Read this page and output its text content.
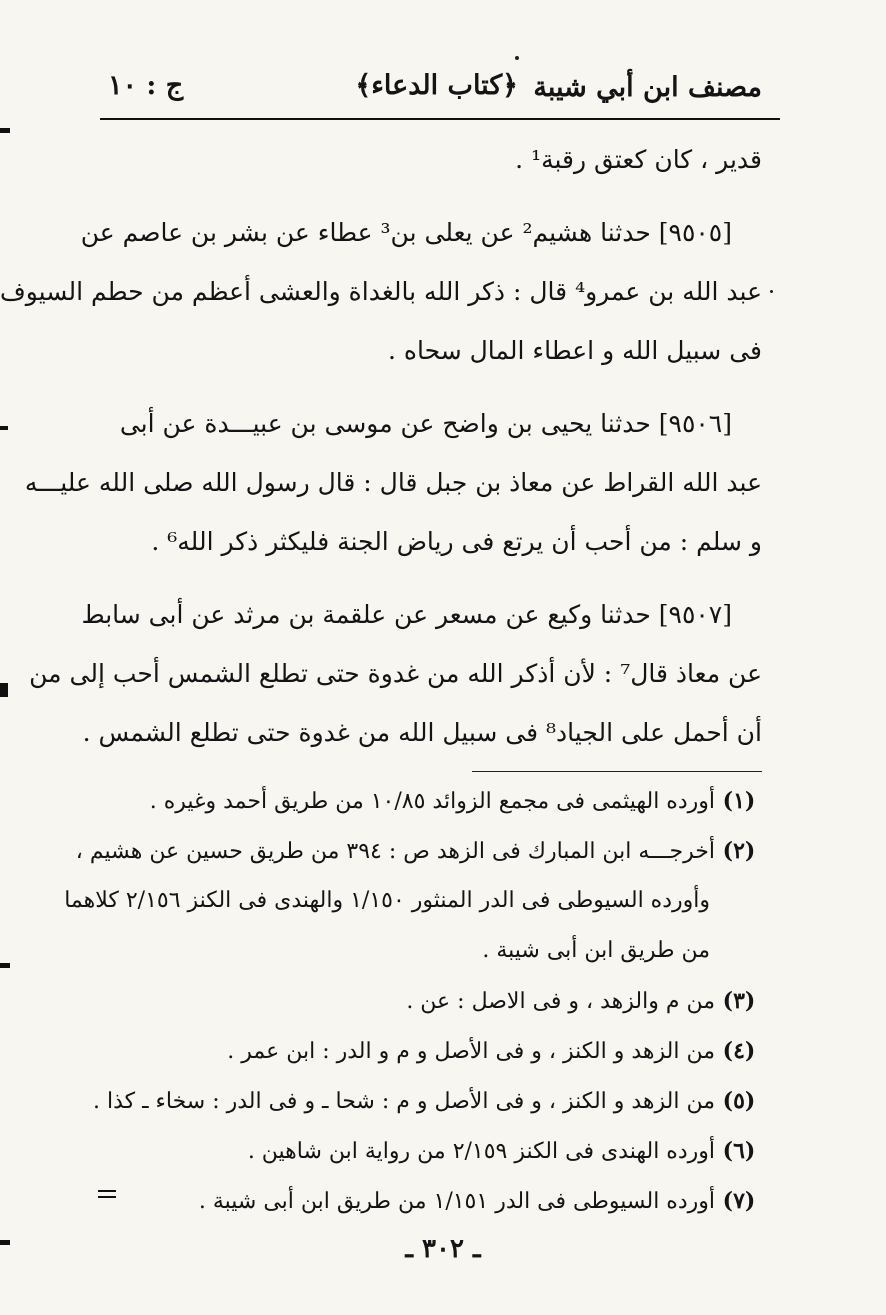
مصنف ابن أبي شيبة
﴿كتاب الدعاء﴾
ج : ١٠
قدير ، كان كعتق رقبة¹ .
[٩٥٠٥] حدثنا هشيم² عن يعلى بن³ عطاء عن بشر بن عاصم عن
عبد الله بن عمرو⁴ قال : ذكر الله بالغداة والعشى أعظم من حطم السيوف
فى سبيل الله و اعطاء المال سحاه .
[٩٥٠٦] حدثنا يحيى بن واضح عن موسى بن عبيـــدة عن أبى
عبد الله القراط عن معاذ بن جبل قال : قال رسول الله صلى الله عليـــه
و سلم : من أحب أن يرتع فى رياض الجنة فليكثر ذكر الله⁶ .
[٩٥٠٧] حدثنا وكيع عن مسعر عن علقمة بن مرثد عن أبى سابط
عن معاذ قال⁷ : لأن أذكر الله من غدوة حتى تطلع الشمس أحب إلى من
أن أحمل على الجياد⁸ فى سبيل الله من غدوة حتى تطلع الشمس .
(١) أورده الهيثمى فى مجمع الزوائد ١٠/٨٥ من طريق أحمد وغيره .
(٢) أخرجـــه ابن المبارك فى الزهد ص : ٣٩٤ من طريق حسين عن هشيم ،
وأورده السيوطى فى الدر المنثور ١/١٥٠ والهندى فى الكنز ٢/١٥٦ كلاهما
من طريق ابن أبى شيبة .
(٣) من م والزهد ، و فى الاصل : عن .
(٤) من الزهد و الكنز ، و فى الأصل و م و الدر : ابن عمر .
(٥) من الزهد و الكنز ، و فى الأصل و م : شحا ـ و فى الدر : سخاء ـ كذا .
(٦) أورده الهندى فى الكنز ٢/١٥٩ من رواية ابن شاهين .
(٧) أورده السيوطى فى الدر ١/١٥١ من طريق ابن أبى شيبة .
ـ ٣٠٢ ـ
